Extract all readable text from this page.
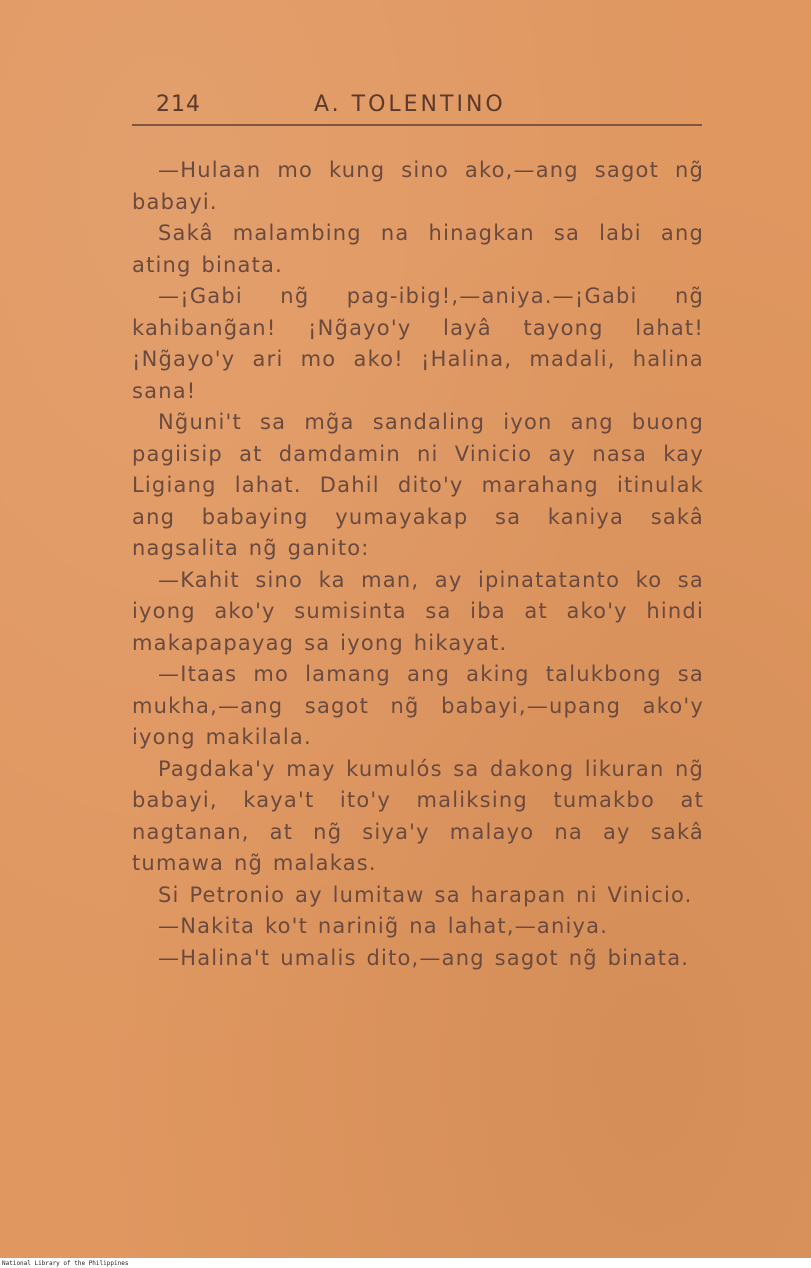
214	A. TOLENTINO

—Hulaan mo kung sino ako,—ang sagot ng̃ babayi.

Sakâ malambing na hinagkan sa labi ang ating binata.

—¡Gabi ng̃ pag-ibig!,—aniya.—¡Gabi ng̃ kahibang̃an! ¡Ng̃ayo'y layâ tayong lahat! ¡Ng̃ayo'y ari mo ako! ¡Halina, madali, halina sana!

Ng̃uni't sa mg̃a sandaling iyon ang buong pagiisip at damdamin ni Vinicio ay nasa kay Ligiang lahat. Dahil dito'y marahang itinulak ang babaying yumayakap sa kaniya sakâ nagsalita ng̃ ganito:

—Kahit sino ka man, ay ipinatatanto ko sa iyong ako'y sumisinta sa iba at ako'y hindi makapapayag sa iyong hikayat.

—Itaas mo lamang ang aking talukbong sa mukha,—ang sagot ng̃ babayi,—upang ako'y iyong makilala.

Pagdaka'y may kumulós sa dakong likuran ng̃ babayi, kaya't ito'y maliksing tumakbo at nagtanan, at ng̃ siya'y malayo na ay sakâ tumawa ng̃ malakas.

Si Petronio ay lumitaw sa harapan ni Vinicio.

—Nakita ko't narinig̃ na lahat,—aniya.

—Halina't umalis dito,—ang sagot ng̃ binata.

National Library of the Philippines
